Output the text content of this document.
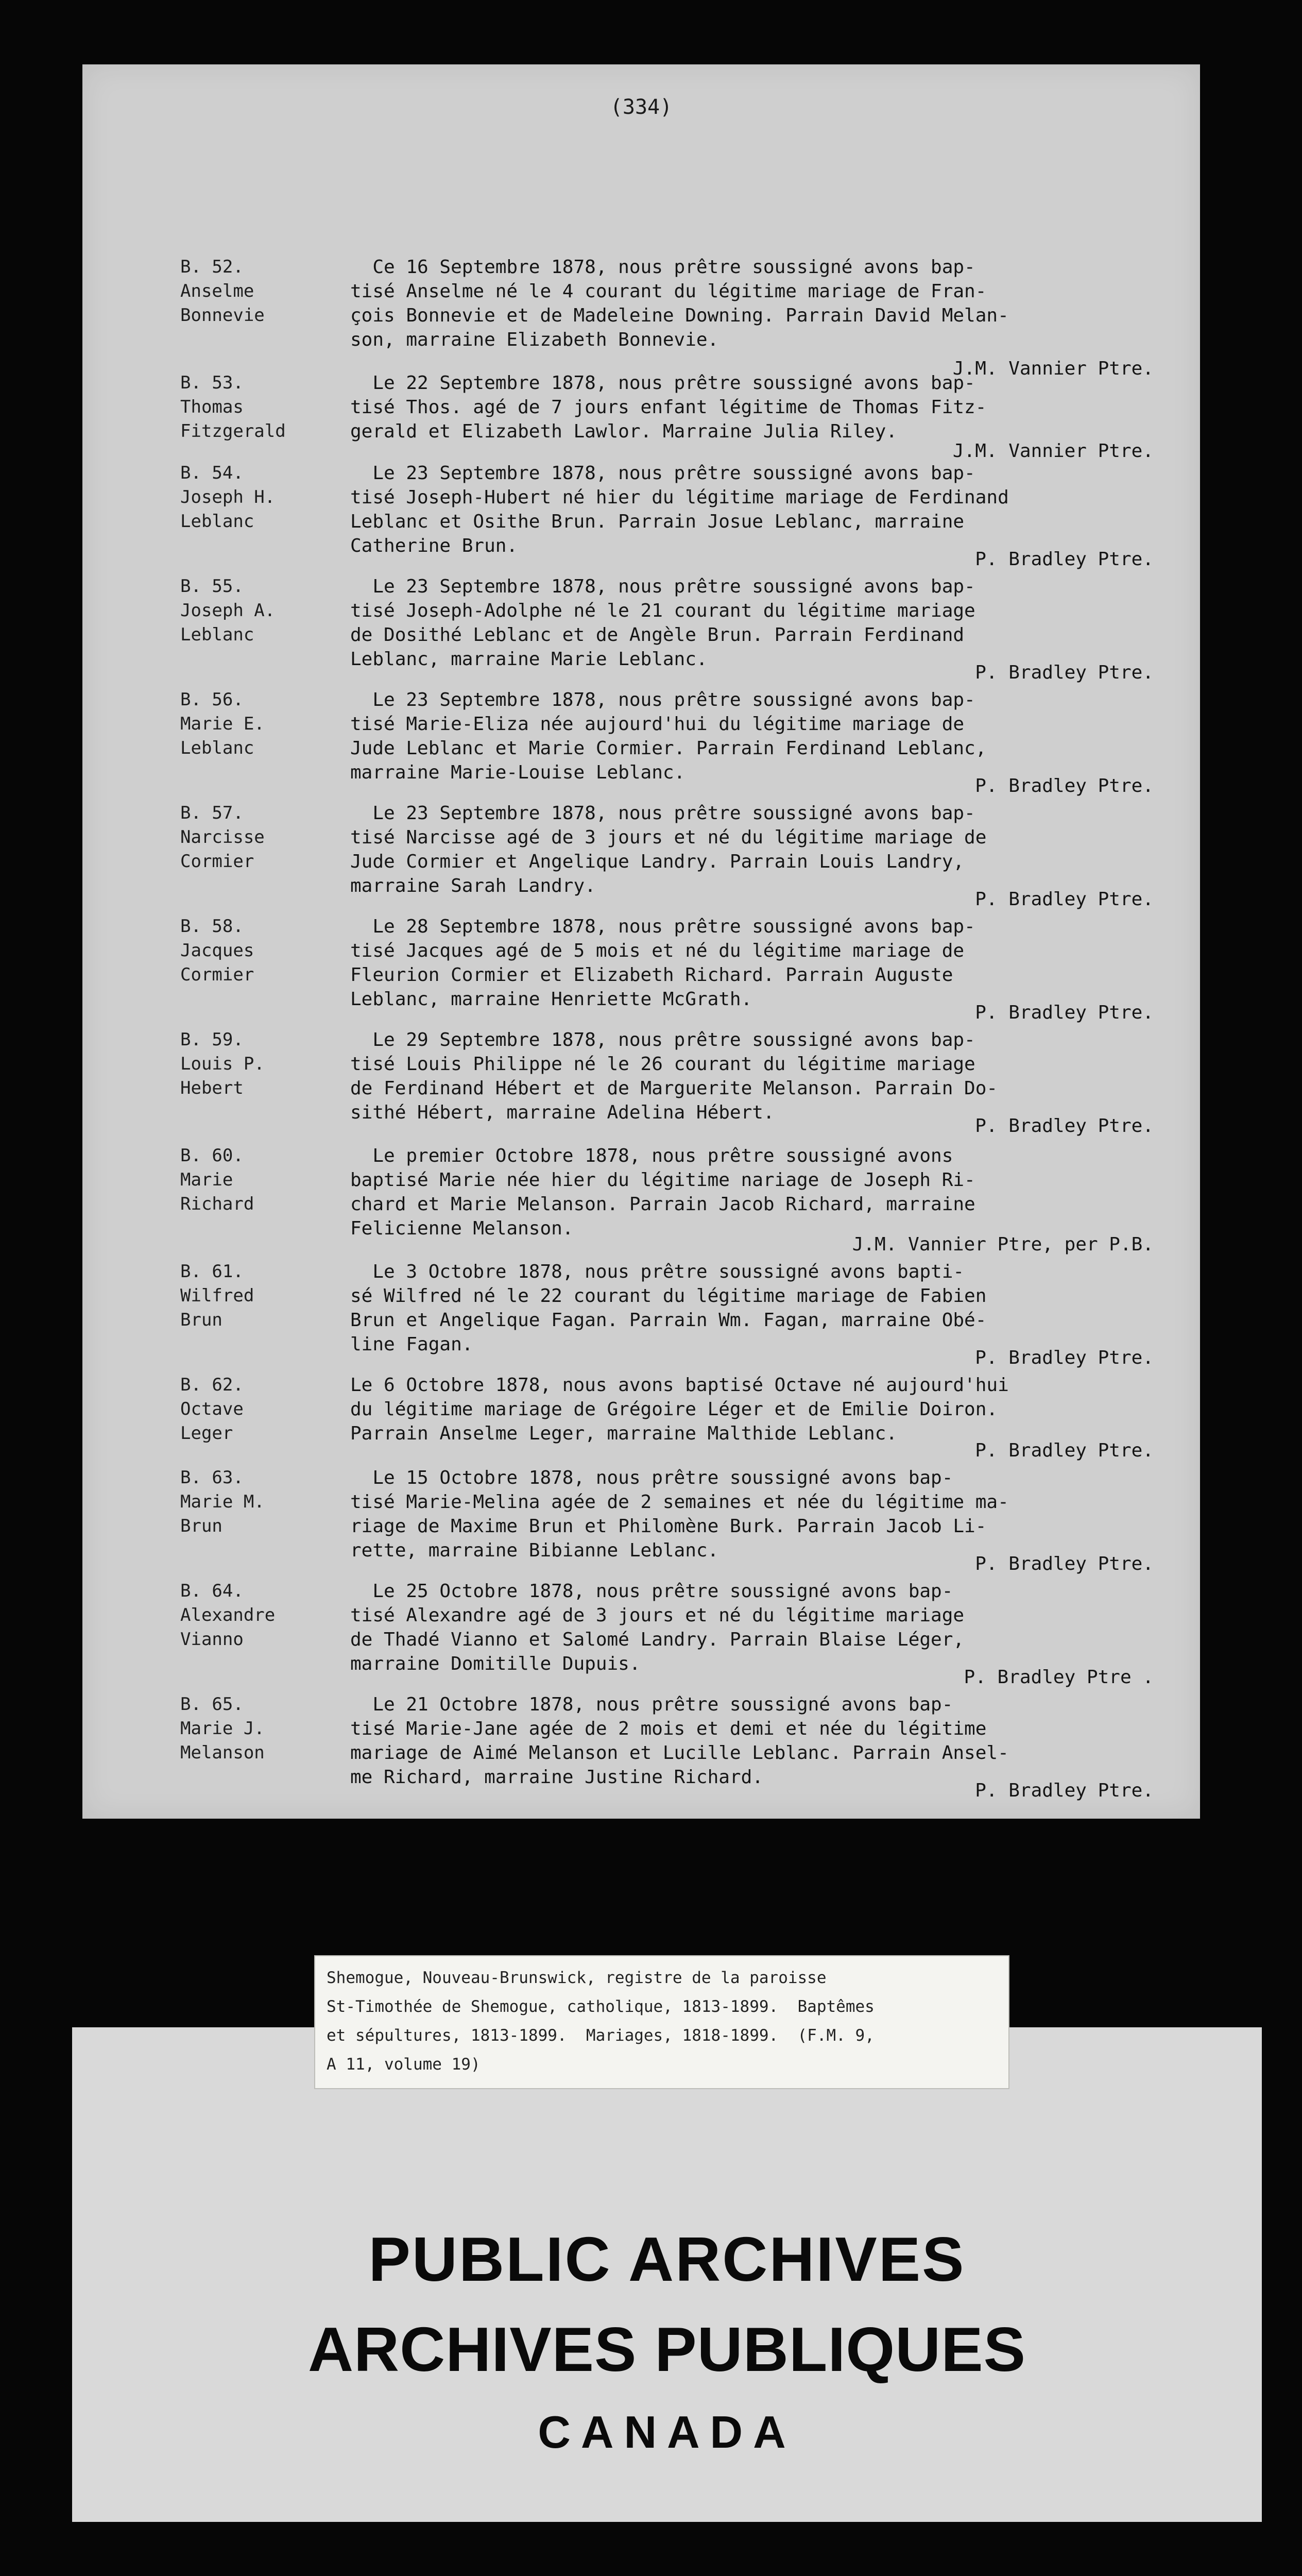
(334)
B. 52.
Anselme
Bonnevie
Ce 16 Septembre 1878, nous prêtre soussigné avons bap-
tisé Anselme né le 4 courant du légitime mariage de Fran-
çois Bonnevie et de Madeleine Downing. Parrain David Melan-
son, marraine Elizabeth Bonnevie.
J.M. Vannier Ptre.
B. 53.
Thomas
Fitzgerald
Le 22 Septembre 1878, nous prêtre soussigné avons bap-
tisé Thos. agé de 7 jours enfant légitime de Thomas Fitz-
gerald et Elizabeth Lawlor. Marraine Julia Riley.
J.M. Vannier Ptre.
B. 54.
Joseph H.
Leblanc
Le 23 Septembre 1878, nous prêtre soussigné avons bap-
tisé Joseph-Hubert né hier du légitime mariage de Ferdinand
Leblanc et Osithe Brun. Parrain Josue Leblanc, marraine
Catherine Brun.
P. Bradley Ptre.
B. 55.
Joseph A.
Leblanc
Le 23 Septembre 1878, nous prêtre soussigné avons bap-
tisé Joseph-Adolphe né le 21 courant du légitime mariage
de Dosithé Leblanc et de Angèle Brun. Parrain Ferdinand
Leblanc, marraine Marie Leblanc.
P. Bradley Ptre.
B. 56.
Marie E.
Leblanc
Le 23 Septembre 1878, nous prêtre soussigné avons bap-
tisé Marie-Eliza née aujourd'hui du légitime mariage de
Jude Leblanc et Marie Cormier. Parrain Ferdinand Leblanc,
marraine Marie-Louise Leblanc.
P. Bradley Ptre.
B. 57.
Narcisse
Cormier
Le 23 Septembre 1878, nous prêtre soussigné avons bap-
tisé Narcisse agé de 3 jours et né du légitime mariage de
Jude Cormier et Angelique Landry. Parrain Louis Landry,
marraine Sarah Landry.
P. Bradley Ptre.
B. 58.
Jacques
Cormier
Le 28 Septembre 1878, nous prêtre soussigné avons bap-
tisé Jacques agé de 5 mois et né du légitime mariage de
Fleurion Cormier et Elizabeth Richard. Parrain Auguste
Leblanc, marraine Henriette McGrath.
P. Bradley Ptre.
B. 59.
Louis P.
Hebert
Le 29 Septembre 1878, nous prêtre soussigné avons bap-
tisé Louis Philippe né le 26 courant du légitime mariage
de Ferdinand Hébert et de Marguerite Melanson. Parrain Do-
sithé Hébert, marraine Adelina Hébert.
P. Bradley Ptre.
B. 60.
Marie
Richard
Le premier Octobre 1878, nous prêtre soussigné avons
baptisé Marie née hier du légitime nariage de Joseph Ri-
chard et Marie Melanson. Parrain Jacob Richard, marraine
Felicienne Melanson.
J.M. Vannier Ptre, per P.B.
B. 61.
Wilfred
Brun
Le 3 Octobre 1878, nous prêtre soussigné avons bapti-
sé Wilfred né le 22 courant du légitime mariage de Fabien
Brun et Angelique Fagan. Parrain Wm. Fagan, marraine Obé-
line Fagan.
P. Bradley Ptre.
B. 62.
Octave
Leger
Le 6 Octobre 1878, nous avons baptisé Octave né aujourd'hui
du légitime mariage de Grégoire Léger et de Emilie Doiron.
Parrain Anselme Leger, marraine Malthide Leblanc.
P. Bradley Ptre.
B. 63.
Marie M.
Brun
Le 15 Octobre 1878, nous prêtre soussigné avons bap-
tisé Marie-Melina agée de 2 semaines et née du légitime ma-
riage de Maxime Brun et Philomène Burk. Parrain Jacob Li-
rette, marraine Bibianne Leblanc.
P. Bradley Ptre.
B. 64.
Alexandre
Vianno
Le 25 Octobre 1878, nous prêtre soussigné avons bap-
tisé Alexandre agé de 3 jours et né du légitime mariage
de Thadé Vianno et Salomé Landry. Parrain Blaise Léger,
marraine Domitille Dupuis.
P. Bradley Ptre .
B. 65.
Marie J.
Melanson
Le 21 Octobre 1878, nous prêtre soussigné avons bap-
tisé Marie-Jane agée de 2 mois et demi et née du légitime
mariage de Aimé Melanson et Lucille Leblanc. Parrain Ansel-
me Richard, marraine Justine Richard.
P. Bradley Ptre.
PUBLIC ARCHIVES
ARCHIVES PUBLIQUES
CANADA
Shemogue, Nouveau-Brunswick, registre de la paroisse
St-Timothée de Shemogue, catholique, 1813-1899.  Baptêmes
et sépultures, 1813-1899.  Mariages, 1818-1899.  (F.M. 9,
A 11, volume 19)
